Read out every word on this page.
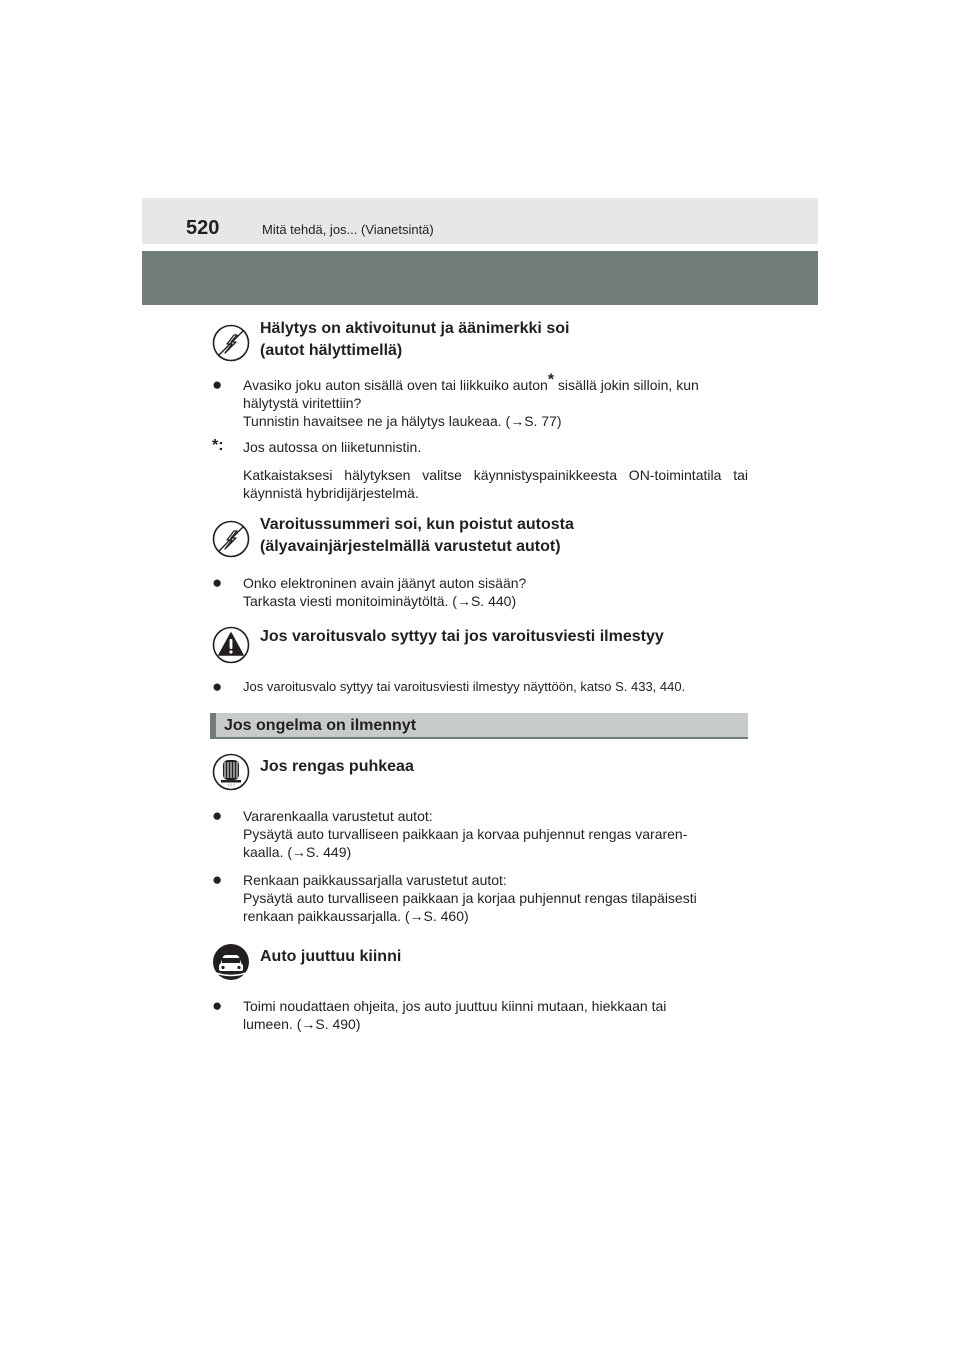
520	Mitä tehdä, jos... (Vianetsintä)
Hälytys on aktivoitunut ja äänimerkki soi
(autot hälyttimellä)
●	Avasiko joku auton sisällä oven tai liikkuiko auton* sisällä jokin silloin, kun

hälytystä viritettiin?

Tunnistin havaitsee ne ja hälytys laukeaa. (→S. 77)

*:	Jos autossa on liiketunnistin.
Katkaistaksesi hälytyksen valitse käynnistyspainikkeesta ON-toimintatila tai käynnistä hybridijärjestelmä.
Varoitussummeri soi, kun poistut autosta
(älyavainjärjestelmällä varustetut autot)
●	Onko elektroninen avain jäänyt auton sisään?

Tarkasta viesti monitoiminäytöltä. (→S. 440)

Jos varoitusvalo syttyy tai jos varoitusviesti ilmestyy
●	Jos varoitusvalo syttyy tai varoitusviesti ilmestyy näyttöön, katso S. 433, 440.
Jos ongelma on ilmennyt
! ! !
Jos rengas puhkeaa
●	Vararenkaalla varustetut autot:

Pysäytä auto turvalliseen paikkaan ja korvaa puhjennut rengas vararen-

kaalla. (→S. 449)

●	Renkaan paikkaussarjalla varustetut autot:

Pysäytä auto turvalliseen paikkaan ja korjaa puhjennut rengas tilapäisesti

renkaan paikkaussarjalla. (→S. 460)

Auto juuttuu kiinni
●	Toimi noudattaen ohjeita, jos auto juuttuu kiinni mutaan, hiekkaan tai

lumeen. (→S. 490)
